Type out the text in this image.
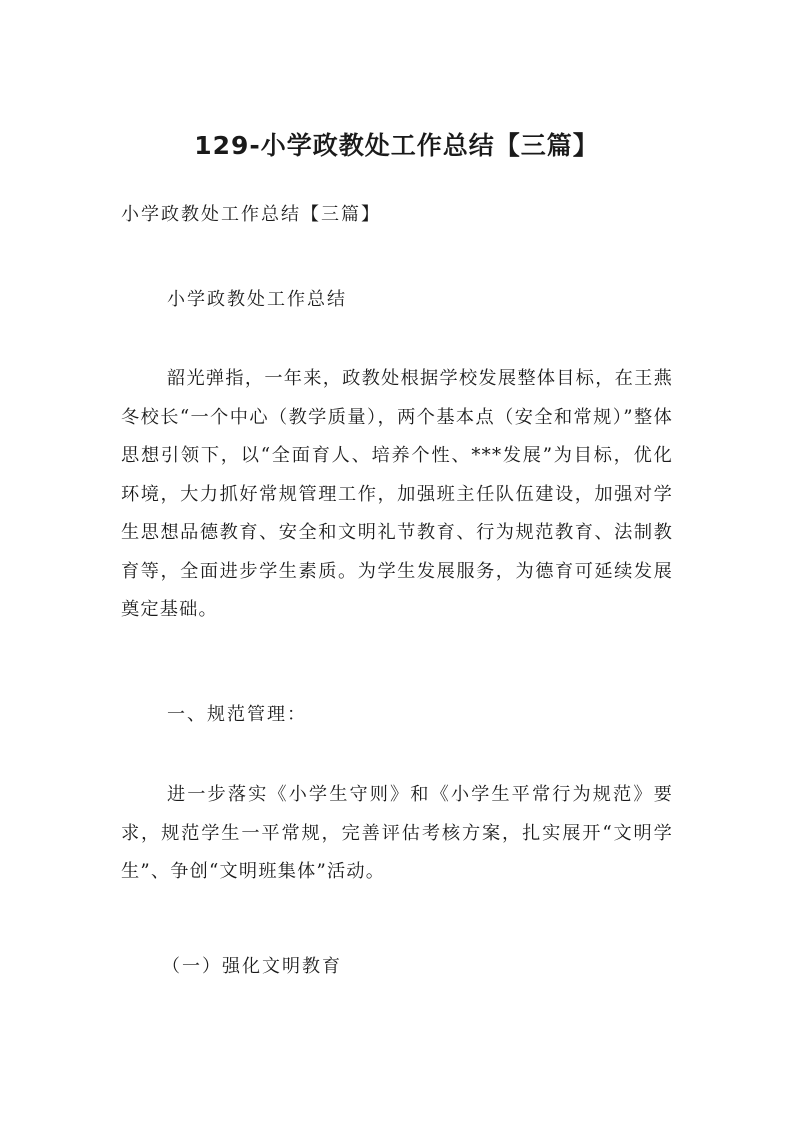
129-小学政教处工作总结【三篇】

小学政教处工作总结【三篇】

小学政教处工作总结

韶光弹指，一年来，政教处根据学校发展整体目标，在王燕冬校长“一个中心（教学质量），两个基本点（安全和常规）”整体思想引领下，以“全面育人、培养个性、***发展”为目标，优化环境，大力抓好常规管理工作，加强班主任队伍建设，加强对学生思想品德教育、安全和文明礼节教育、行为规范教育、法制教育等，全面进步学生素质。为学生发展服务，为德育可延续发展奠定基础。

一、规范管理：

进一步落实《小学生守则》和《小学生平常行为规范》要求，规范学生一平常规，完善评估考核方案，扎实展开“文明学生”、争创“文明班集体”活动。

（一）强化文明教育
